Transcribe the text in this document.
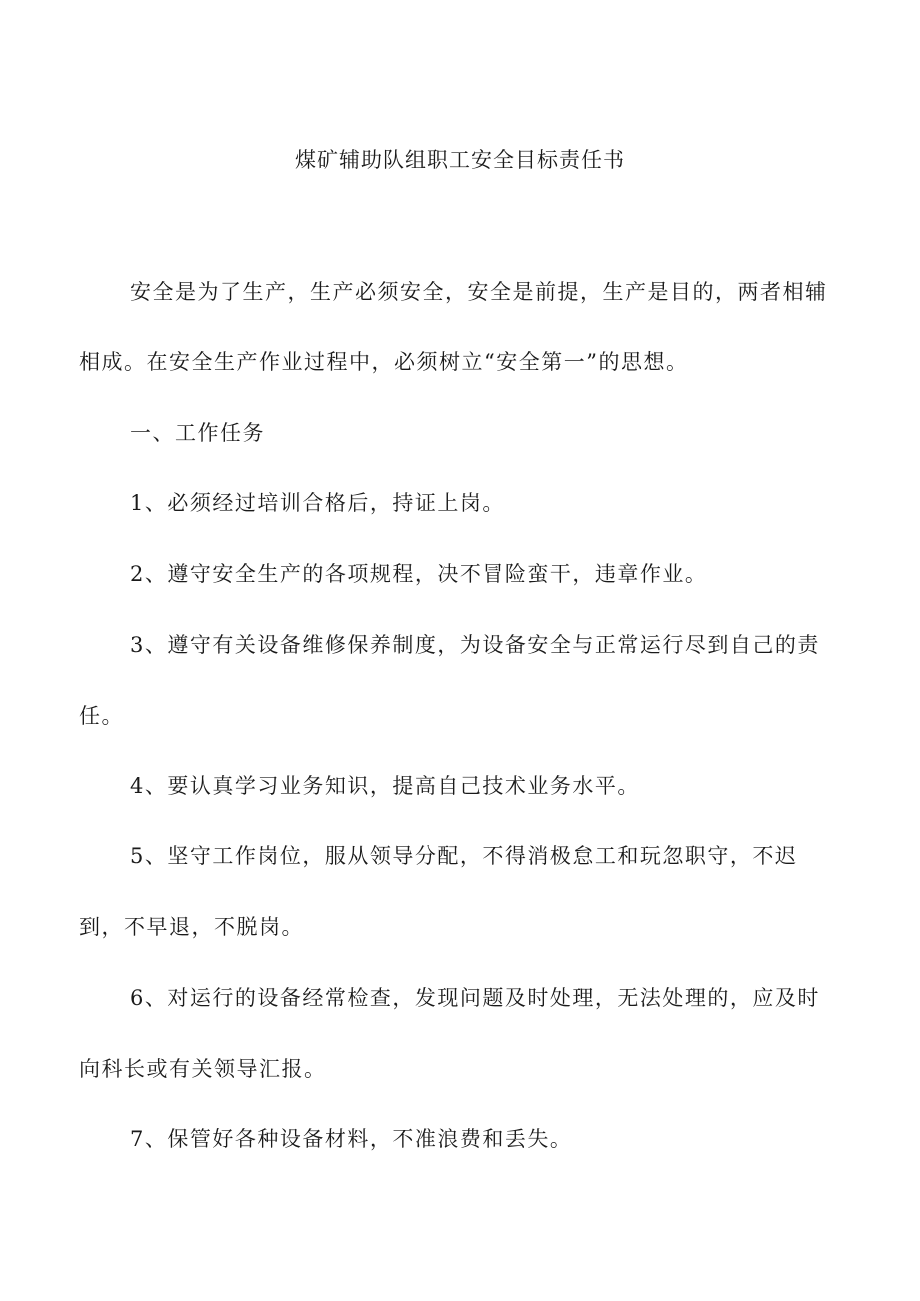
煤矿辅助队组职工安全目标责任书
安全是为了生产，生产必须安全，安全是前提，生产是目的，两者相辅
相成。在安全生产作业过程中，必须树立“安全第一”的思想。
一、工作任务
1、必须经过培训合格后，持证上岗。
2、遵守安全生产的各项规程，决不冒险蛮干，违章作业。
3、遵守有关设备维修保养制度，为设备安全与正常运行尽到自己的责
任。
4、要认真学习业务知识，提高自己技术业务水平。
5、坚守工作岗位，服从领导分配，不得消极怠工和玩忽职守，不迟
到，不早退，不脱岗。
6、对运行的设备经常检查，发现问题及时处理，无法处理的，应及时
向科长或有关领导汇报。
7、保管好各种设备材料，不准浪费和丢失。
